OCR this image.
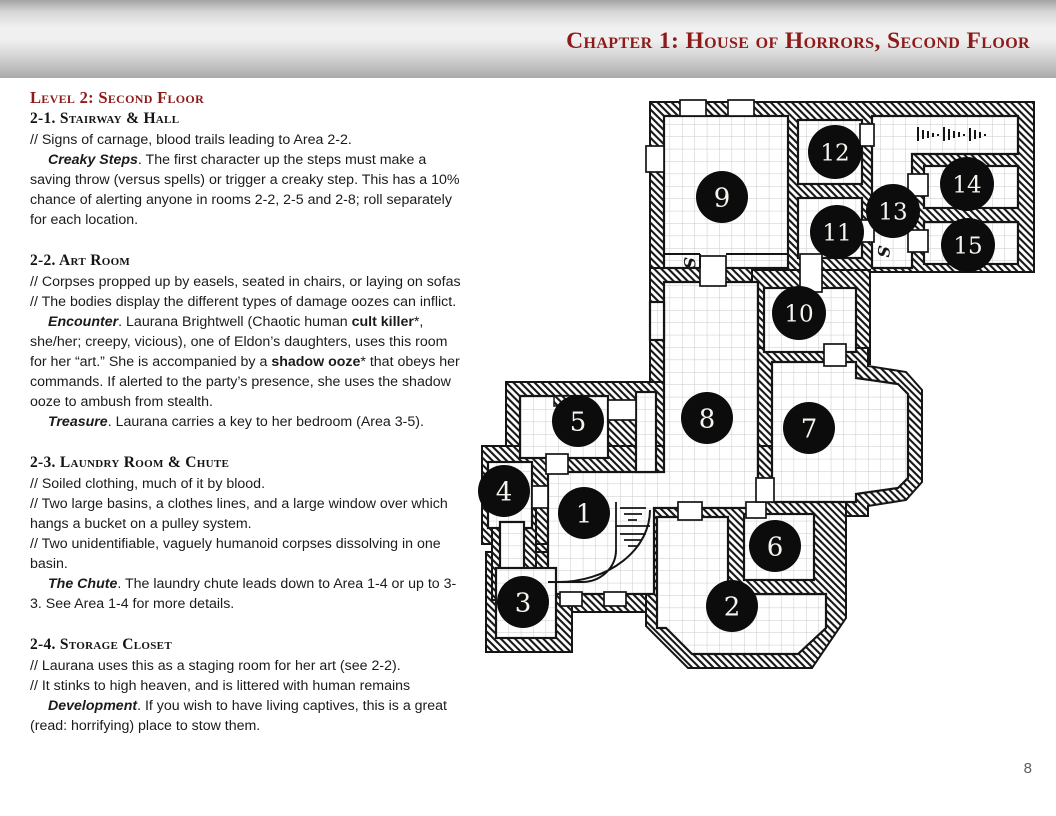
Chapter 1: House of Horrors, Second Floor
Level 2: Second Floor
2-1. Stairway & Hall

// Signs of carnage, blood trails leading to Area 2-2.

Creaky Steps. The first character up the steps must make a saving throw (versus spells) or trigger a creaky step. This has a 10% chance of alerting anyone in rooms 2-2, 2-5 and 2-8; roll separately for each location.

2-2. Art Room

// Corpses propped up by easels, seated in chairs, or laying on sofas

// The bodies display the different types of damage oozes can inflict.

Encounter. Laurana Brightwell (Chaotic human cult killer*, she/her; creepy, vicious), one of Eldon’s daughters, uses this room for her “art.” She is accompanied by a shadow ooze* that obeys her commands. If alerted to the party’s presence, she uses the shadow ooze to ambush from stealth.

Treasure. Laurana carries a key to her bedroom (Area 3-5).

2-3. Laundry Room & Chute

// Soiled clothing, much of it by blood.

// Two large basins, a clothes lines, and a large window over which hangs a bucket on a pulley system.

// Two unidentifiable, vaguely humanoid corpses dissolving in one basin.

The Chute. The laundry chute leads down to Area 1-4 or up to 3-3. See Area 1-4 for more details.

2-4. Storage Closet

// Laurana uses this as a staging room for her art (see 2-2).

// It stinks to high heaven, and is littered with human remains

Development. If you wish to have living captives, this is a great (read: horrifying) place to stow them.

S
S
1
2
3
4
5
6
7
8
9
10
11
12
13
14
15
8
